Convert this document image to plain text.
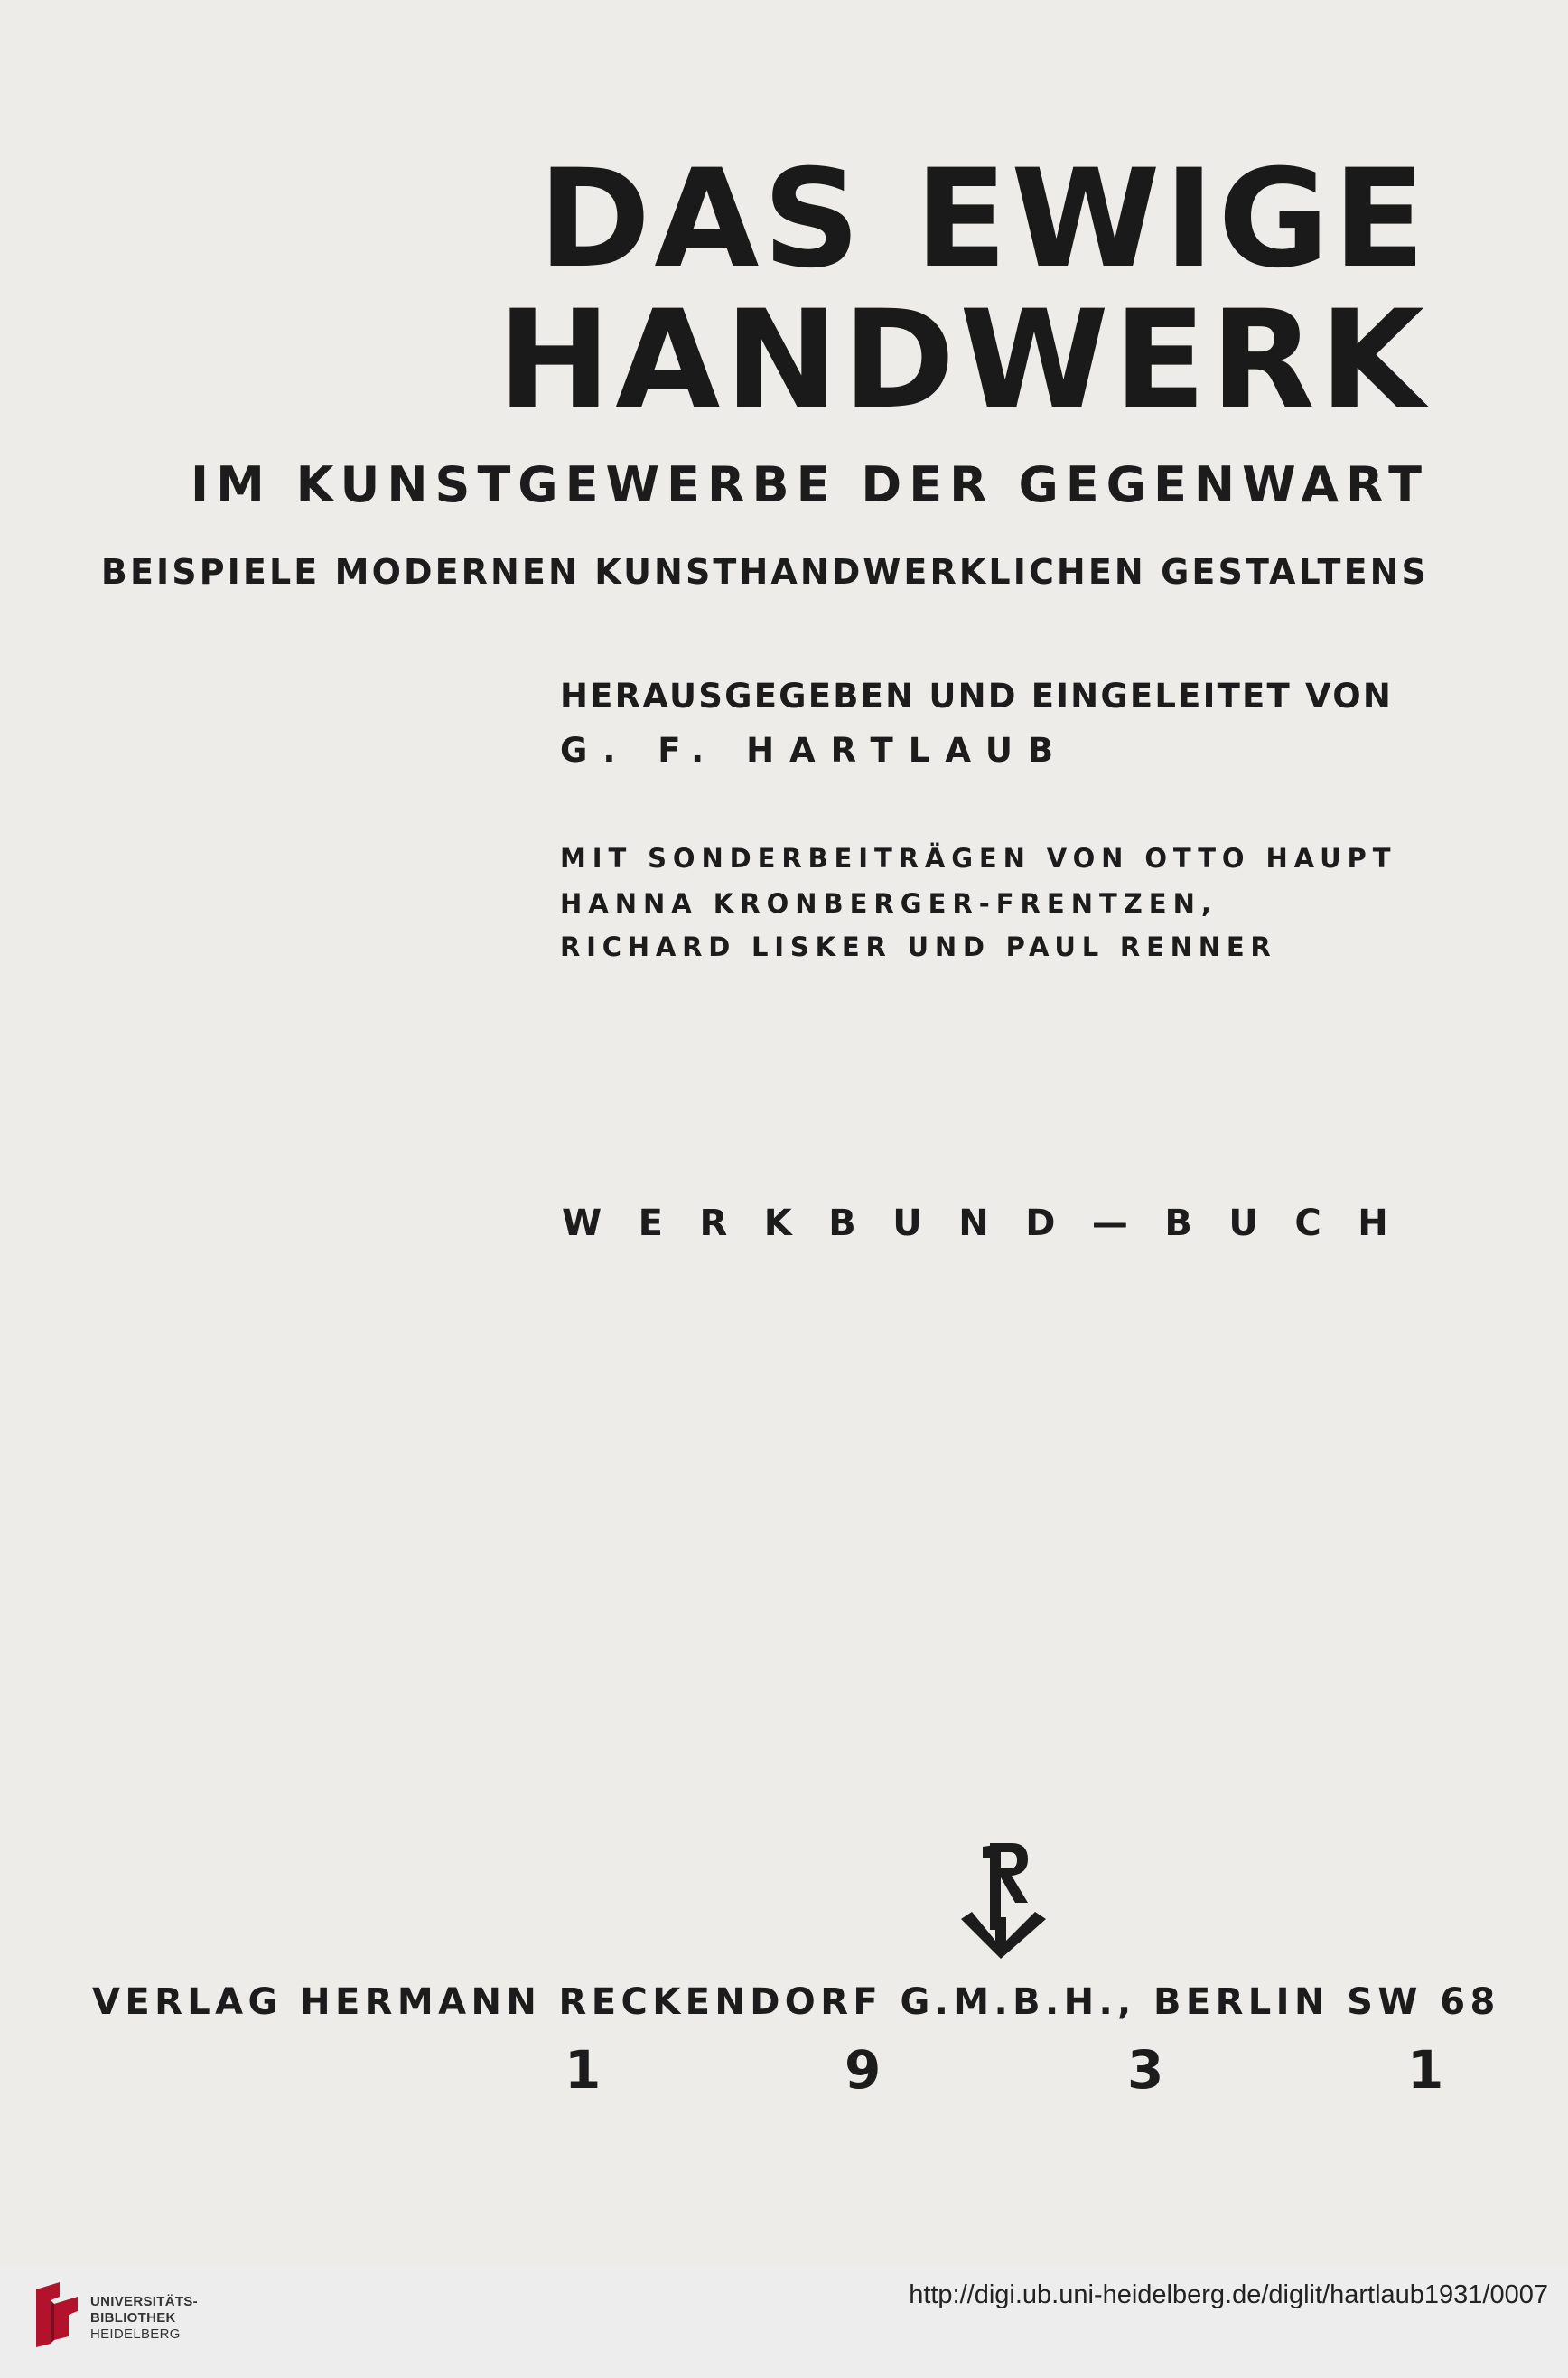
DAS EWIGE
HANDWERK
IM KUNSTGEWERBE DER GEGENWART
BEISPIELE MODERNEN KUNSTHANDWERKLICHEN GESTALTENS
HERAUSGEGEBEN UND EINGELEITET VON
G. F. HARTLAUB
MIT SONDERBEITRÄGEN VON OTTO HAUPT
HANNA KRONBERGER-FRENTZEN,
RICHARD LISKER UND PAUL RENNER
WERKBUND—BUCH
VERLAG HERMANN RECKENDORF G.M.B.H., BERLIN SW 68
1	9	3	1
UNIVERSITÄTS-
BIBLIOTHEK
HEIDELBERG
http://digi.ub.uni-heidelberg.de/diglit/hartlaub1931/0007
